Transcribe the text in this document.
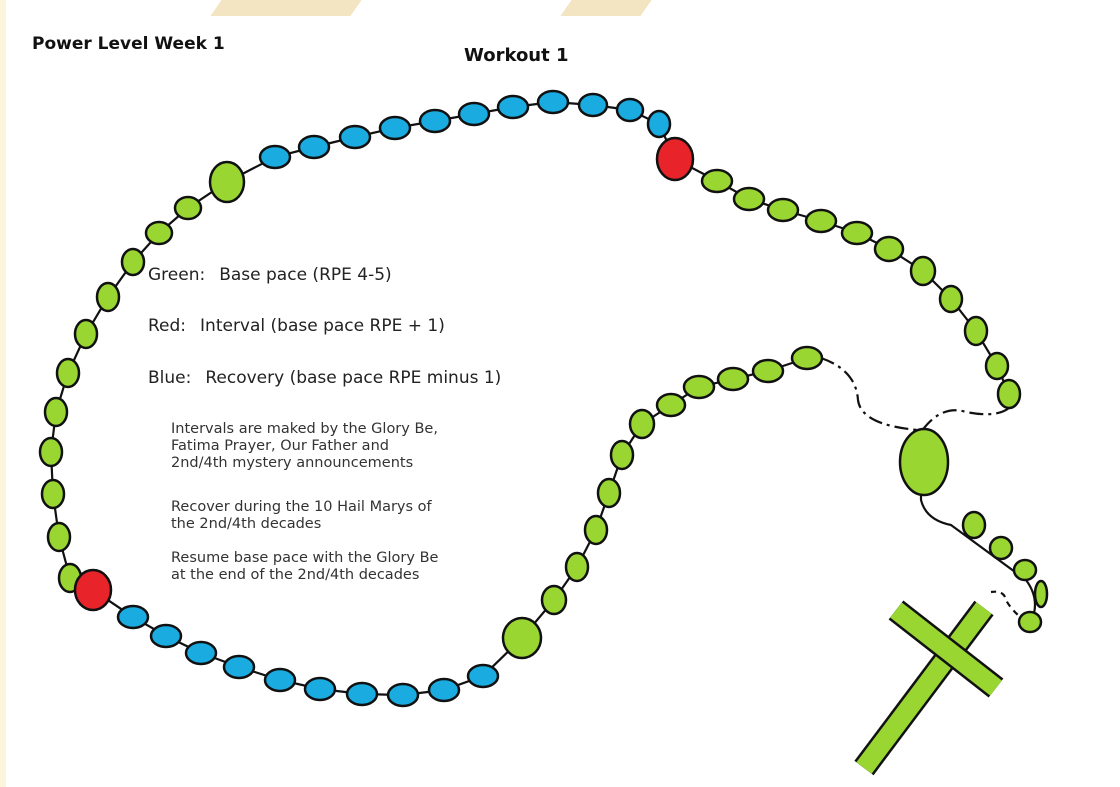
Power Level Week 1
Workout 1
Green: Base pace (RPE 4-5)
Red: Interval (base pace RPE + 1)
Blue: Recovery (base pace RPE minus 1)
Intervals are maked by the Glory Be,
Fatima Prayer, Our Father and
2nd/4th mystery announcements
Recover during the 10 Hail Marys of
the 2nd/4th decades
Resume base pace with the Glory Be
at the end of the 2nd/4th decades
